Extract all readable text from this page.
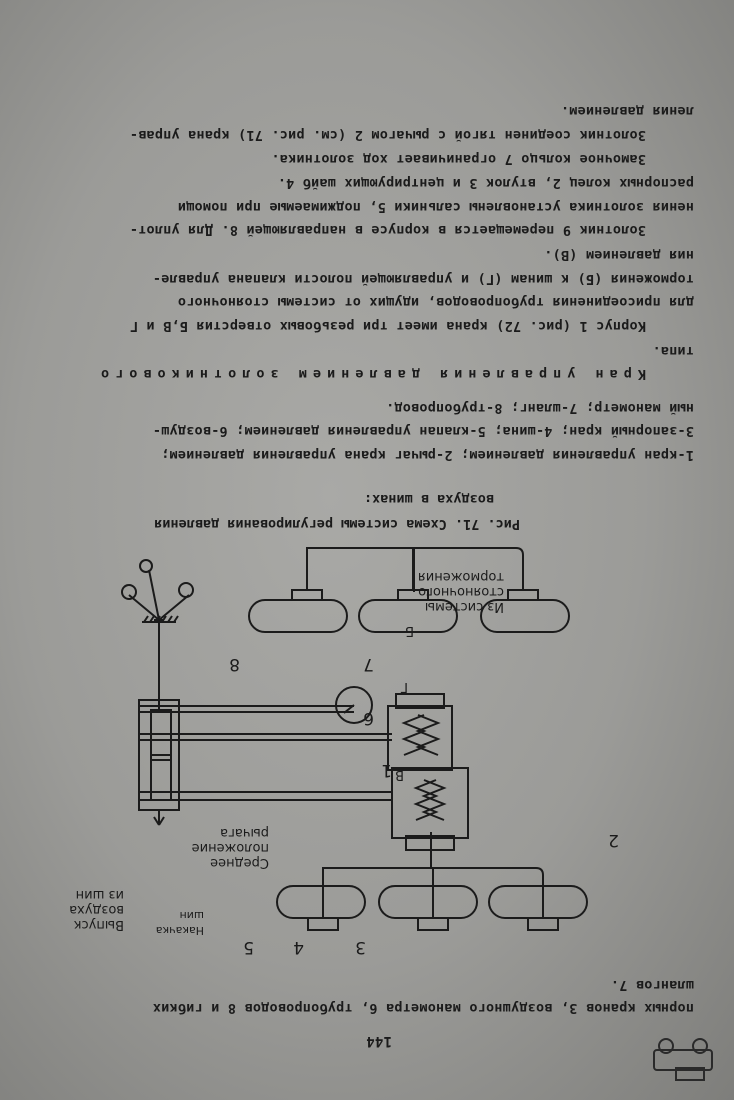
144
порных кранов 3, воздушного манометра 6, трубопроводов 8 и гибких
шлангов 7.
Выпуск
воздуха
из шин
Накачка
шин
Среднее
положение
рычага
Из системы
стояночного
торможения
В
Г
Б
1
2
3
4
5
6
7
8
Рис. 71. Схема системы регулирования давления
воздуха в шинах:
1-кран управления давлением; 2-рычаг крана управления давлением;
3-запорный кран; 4-шина; 5-клапан управления давлением; 6-воздуш-
ный манометр; 7-шланг; 8-трубопровод.
Кран управления давлением золотникового
типа.
Корпус 1 (рис. 72) крана имеет три резьбовых отверстия Б,В и Г
для присоединения трубопроводов, идущих от системы стояночного
торможения (Б) к шинам (Г) и управляющей полости клапана управле-
ния давлением (В).
Золотник 9 перемещается в корпусе в направляющей 8. Для уплот-
нения золотника установлены сальники 5, поджимаемые при помощи
распорных колец 2, втулок 3 и центрирующих шайб 4.
Замочное кольцо 7 ограничивает ход золотника.
Золотник соединен тягой с рычагом 2 (см. рис. 71) крана управ-
ления давлением.
